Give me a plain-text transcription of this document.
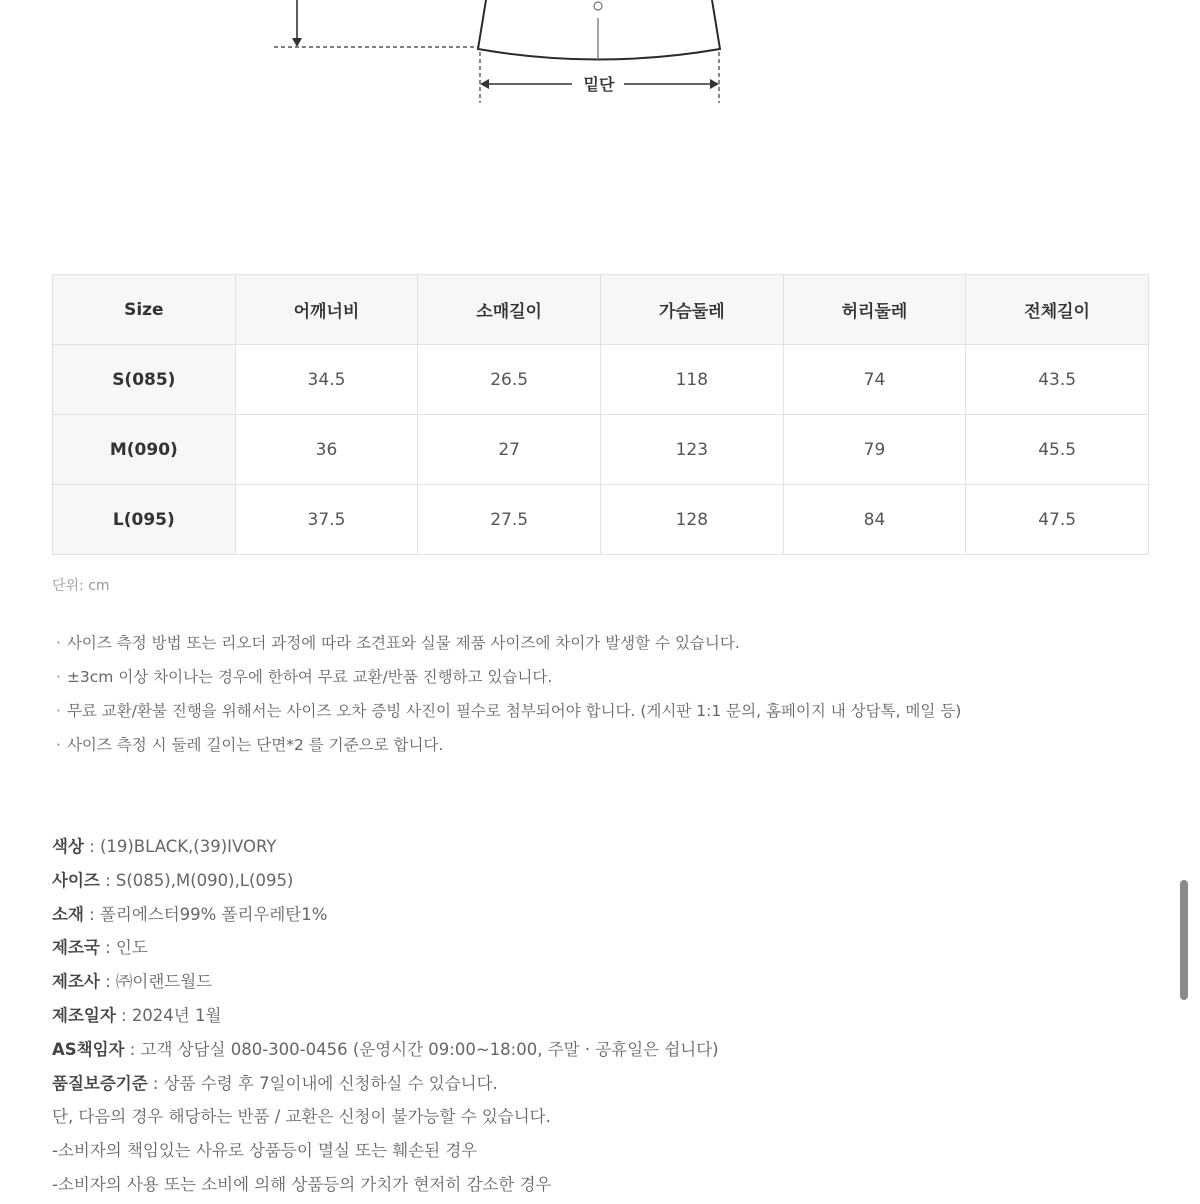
밑단
Size	어깨너비	소매길이	가슴둘레	허리둘레	전체길이
S(085)	34.5	26.5	118	74	43.5
M(090)	36	27	123	79	45.5
L(095)	37.5	27.5	128	84	47.5
단위: cm
· 사이즈 측정 방법 또는 리오더 과정에 따라 조견표와 실물 제품 사이즈에 차이가 발생할 수 있습니다.
· ±3cm 이상 차이나는 경우에 한하여 무료 교환/반품 진행하고 있습니다.
· 무료 교환/환불 진행을 위해서는 사이즈 오차 증빙 사진이 필수로 첨부되어야 합니다. (게시판 1:1 문의, 홈페이지 내 상담톡, 메일 등)
· 사이즈 측정 시 둘레 길이는 단면*2 를 기준으로 합니다.
색상 : (19)BLACK,(39)IVORY
사이즈 : S(085),M(090),L(095)
소재 : 폴리에스터99% 폴리우레탄1%
제조국 : 인도
제조사 : ㈜이랜드월드
제조일자 : 2024년 1월
AS책임자 : 고객 상담실 080-300-0456 (운영시간 09:00~18:00, 주말 · 공휴일은 쉽니다)
품질보증기준 : 상품 수령 후 7일이내에 신청하실 수 있습니다.
단, 다음의 경우 해당하는 반품 / 교환은 신청이 불가능할 수 있습니다.
-소비자의 책임있는 사유로 상품등이 멸실 또는 훼손된 경우
-소비자의 사용 또는 소비에 의해 상품등의 가치가 현저히 감소한 경우
